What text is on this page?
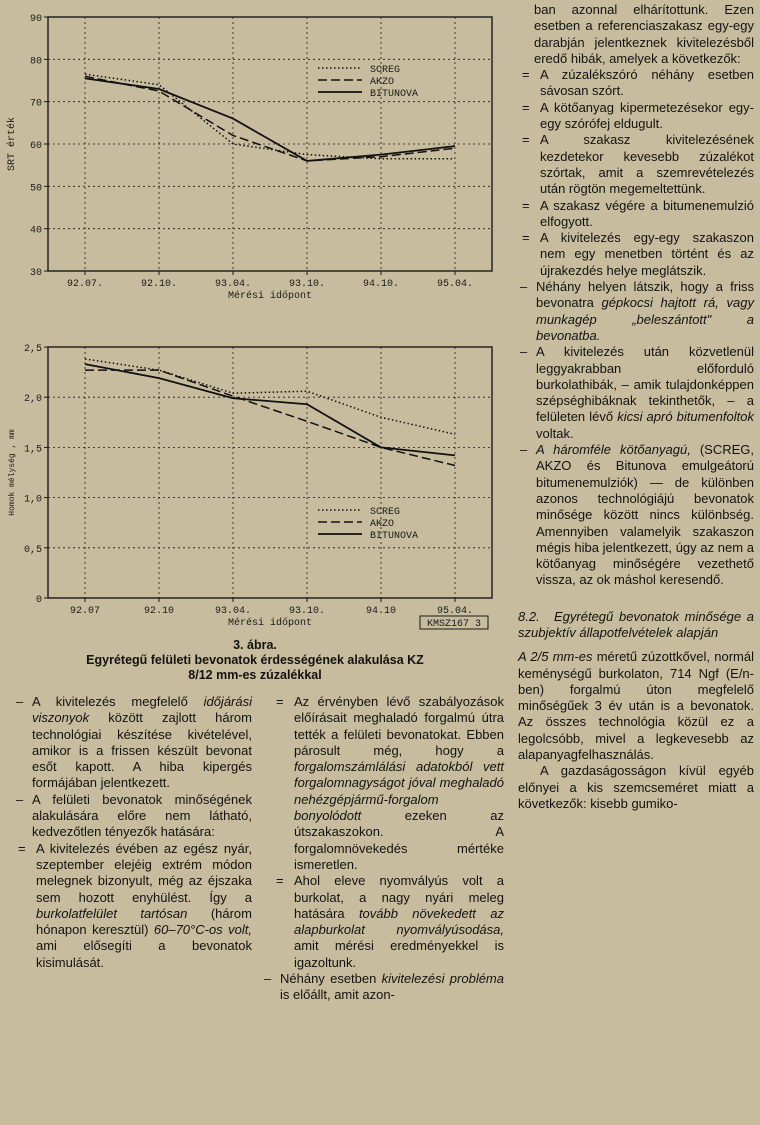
30
40
50
60
70
80
90
92.07.	92.10.	93.04.	93.10.	94.10.	95.04.
Mérési időpont
SRT érték
SCREG
AKZO
BITUNOVA
0
0,5
1,0
1,5
2,0
2,5
92.07	92.10	93.04.	93.10.	94.10	95.04.
Mérési időpont
Homok mélység , mm	SCREG
AKZO
BITUNOVA
KMSZ167 3
3. ábra.
Egyrétegű felületi bevonatok érdességének alakulása KZ 8/12 mm-es zúzalékkal

– A kivitelezés megfelelő időjárási viszonyok között zajlott három technológiai készítése kivételével, amikor is a frissen készült bevonat esőt kapott. A hiba kipergés formájában jelentkezett.

– A felületi bevonatok minőségének alakulására előre nem látható, kedvezőtlen tényezők hatására:

= A kivitelezés évében az egész nyár, szeptember elejéig extrém módon melegnek bizonyult, még az éjszaka sem hozott enyhülést. Így a burkolatfelület tartósan (három hónapon keresztül) 60–70°C-os volt, ami elősegíti a bevonatok kisimulását.

= Az érvényben lévő szabályozások előírásait meghaladó forgalmú útra tették a felületi bevonatokat. Ebben párosult még, hogy a forgalomszámlálási adatokból vett forgalomnagyságot jóval meghaladó nehézgépjármű-forgalom bonyolódott	ezeken az útszakaszokon. A forgalomnövekedés mértéke ismeretlen.

= Ahol eleve nyomvályús volt a burkolat, a nagy nyári meleg hatására tovább növekedett az alapburkolat nyomvályúsodása, amit mérési eredményekkel is igazoltunk.

– Néhány esetben kivitelezési probléma is előállt, amit azon-

ban azonnal elhárítottunk. Ezen esetben a referenciaszakasz egy-egy darabján jelentkeznek kivitelezésből eredő hibák, amelyek a következők:

= A zúzalékszóró néhány esetben sávosan szórt.

= A kötőanyag kipermetezésekor egy-egy szórófej eldugult.

= A szakasz kivitelezésének kezdetekor kevesebb zúzalékot szórtak, amit a szemrevételezés után rögtön megemeltettünk.

= A szakasz végére a bitumenemulzió elfogyott.

= A kivitelezés egy-egy szakaszon nem egy menetben történt és az újrakezdés helye meglátszik.

– Néhány helyen látszik, hogy a friss bevonatra gépkocsi hajtott rá, vagy munkagép „beleszántott" a bevonatba.

– A kivitelezés után közvetlenül leggyakrabban előforduló burkolathibák, – amik tulajdonképpen szépséghibáknak tekinthetők, – a felületen lévő kicsi apró bitumenfoltok voltak.

– A háromféle kötőanyagú, (SCREG, AKZO és Bitunova emulgeátorú bitumenemulziók) — de különben azonos technológiájú bevonatok minősége között nincs különbség. Amennyiben valamelyik szakaszon mégis hiba jelentkezett, úgy az nem a kötőanyag minőségére vezethető vissza, az ok máshol keresendő.

8.2. Egyrétegű bevonatok minősége a szubjektív állapotfelvételek alapján

A 2/5 mm-es méretű zúzottkővel, normál keménységű burkolaton, 714 Ngf (E/n-ben) forgalmú úton megfelelő minőségűek 3 év után is a bevonatok. Az összes technológia közül ez a legolcsóbb, mivel a legkevesebb az alapanyagfelhasználás.

A gazdaságosságon kívül egyéb előnyei a kis szemcseméret miatt a következők: kisebb gumiko-
